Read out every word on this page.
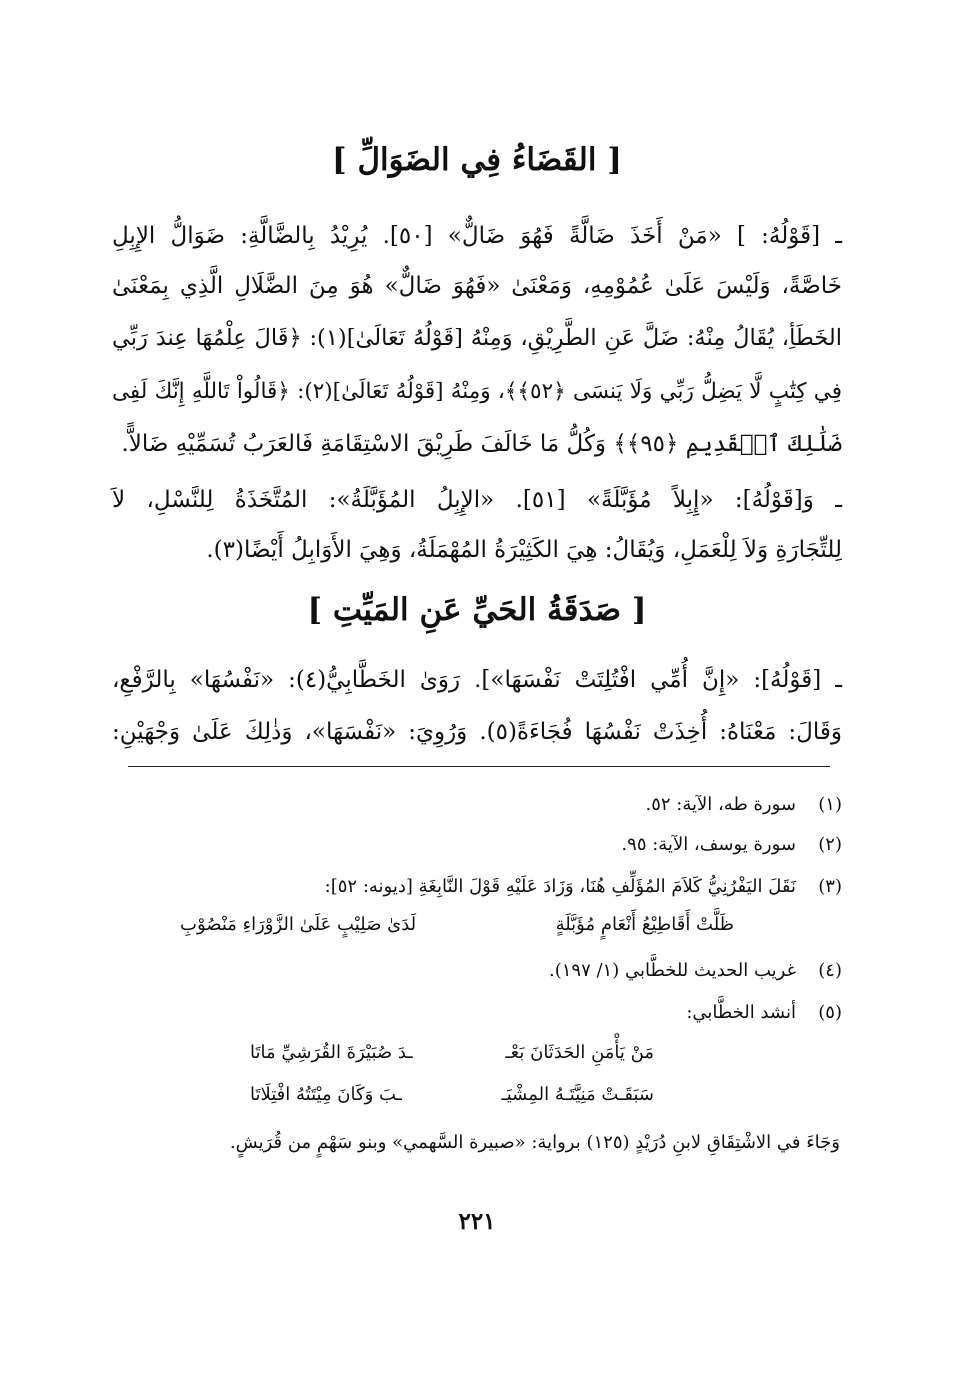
[ القَضَاءُ فِي الضَوَالِّ ]
ـ [قَوْلُهُ: ] «مَنْ أَخَذَ ضَالَّةً فَهُوَ ضَالٌّ» [٥٠]. يُرِيْدُ بِالضَّالَّةِ: ضَوَالُّ الإِبِلِ
خَاصَّةً، وَلَيْسَ عَلَىٰ عُمُوْمِهِ، وَمَعْنَىٰ «فَهُوَ ضَالٌّ» هُوَ مِنَ الضَّلَالِ الَّذِي بِمَعْنَىٰ
الخَطَأِ، يُقَالُ مِنْهُ: ضَلَّ عَنِ الطَّرِيْقِ، وَمِنْهُ [قَوْلُهُ تَعَالَىٰ](١): ﴿قَالَ عِلْمُهَا عِندَ رَبِّي
فِي كِتَٰبٍ لَّا يَضِلُّ رَبِّي وَلَا يَنسَى ﴿٥٢﴾﴾، وَمِنْهُ [قَوْلُهُ تَعَالَىٰ](٢): ﴿قَالُواْ تَاللَّهِ إِنَّكَ لَفِى
ضَلَٰلِكَ ٱلۡقَدِيمِ ﴿٩٥﴾﴾ وَكُلُّ مَا خَالَفَ طَرِيْقَ الاسْتِقَامَةِ فَالعَرَبُ تُسَمِّيْهِ ضَالاًّ.
ـ وَ[قَوْلُهُ]: «إِبِلاً مُؤَبَّلَةً» [٥١]. «الإِبِلُ المُؤَبَّلَةُ»: المُتَّخَذَةُ لِلنَّسْلِ، لاَ
لِلتِّجَارَةِ وَلاَ لِلْعَمَلِ، وَيُقَالُ: هِيَ الكَثِيْرَةُ المُهْمَلَةُ، وَهِيَ الأَوَابِلُ أَيْضًا(٣).
[ صَدَقَةُ الحَيِّ عَنِ المَيِّتِ ]
ـ [قَوْلُهُ]: «إِنَّ أُمِّي افْتُلِتَتْ نَفْسَهَا»]. رَوَىٰ الخَطَّابِيُّ(٤): «نَفْسُهَا» بِالرَّفْعِ،
وَقَالَ: مَعْنَاهُ: أُخِذَتْ نَفْسُهَا فُجَاءَةً(٥). وَرُوِيَ: «نَفْسَهَا»، وَذٰلِكَ عَلَىٰ وَجْهَيْنِ:
(١)سورة طه، الآية: ٥٢.
(٢)سورة يوسف، الآية: ٩٥.
(٣)نَقَلَ اليَفْرُنِيُّ كَلاَمَ المُؤَلِّفِ هُنَا، وَزَادَ عَلَيْهِ قَوْلَ النَّابِغَةِ [ديونه: ٥٢]:
ظَلَّتْ أَقَاطِيْعُ أَنْعَامٍ مُؤَبَّلَةٍ
لَدَىٰ صَلِيْبٍ عَلَىٰ الزَّوْرَاءِ مَنْصُوْبِ
(٤)غريب الحديث للخطَّابي (١/ ١٩٧).
(٥)أنشد الخطَّابي:
مَنْ يَأْمَنِ الحَدَثَانَ بَعْـ
ـدَ صُبَيْرَةَ القُرَشِيِّ مَاتَا
سَبَقَـتْ مَنِيَّتَـهُ المِشْيَـ
ـبَ وَكَانَ مِيْتَتُهُ افْتِلَاتَا
وَجَاءَ في الاشْتِقَاقِ لابنِ دُرَيْدٍ (١٢٥) برواية: «صبيرة السَّهمي» وبنو سَهْمٍ من قُرَيشٍ.
٢٢١
